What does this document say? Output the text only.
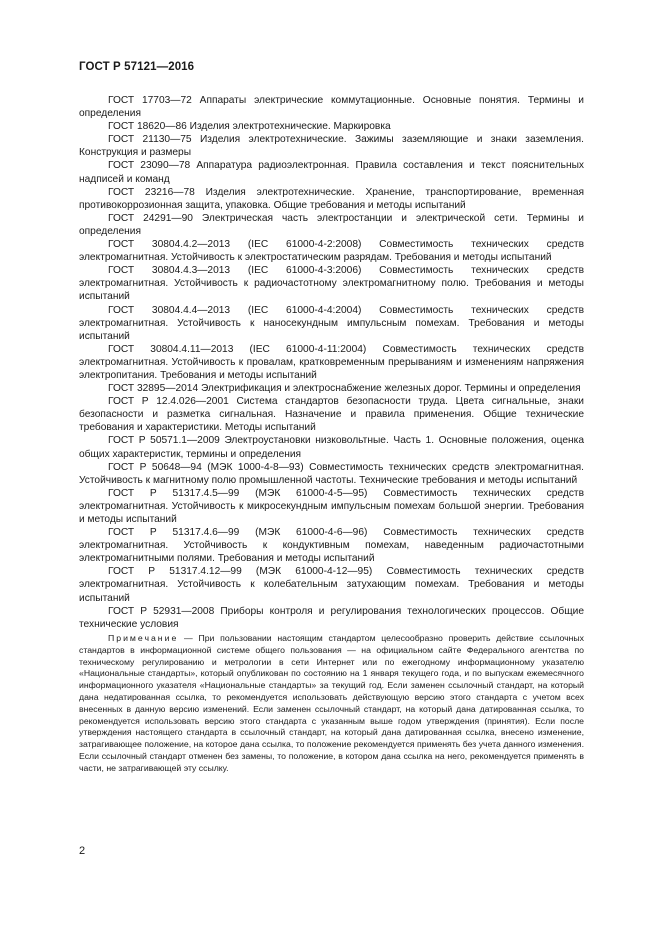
ГОСТ Р 57121—2016

ГОСТ 17703—72 Аппараты электрические коммутационные. Основные понятия. Термины и определения

ГОСТ 18620—86 Изделия электротехнические. Маркировка

ГОСТ 21130—75 Изделия электротехнические. Зажимы заземляющие и знаки заземления. Конструкция и размеры

ГОСТ 23090—78 Аппаратура радиоэлектронная. Правила составления и текст пояснительных надписей и команд

ГОСТ 23216—78 Изделия электротехнические. Хранение, транспортирование, временная противокоррозионная защита, упаковка. Общие требования и методы испытаний

ГОСТ 24291—90 Электрическая часть электростанции и электрической сети. Термины и определения

ГОСТ 30804.4.2—2013 (IEC 61000-4-2:2008) Совместимость технических средств электромагнитная. Устойчивость к электростатическим разрядам. Требования и методы испытаний

ГОСТ 30804.4.3—2013 (IEC 61000-4-3:2006) Совместимость технических средств электромагнитная. Устойчивость к радиочастотному электромагнитному полю. Требования и методы испытаний

ГОСТ 30804.4.4—2013 (IEC 61000-4-4:2004) Совместимость технических средств электромагнитная. Устойчивость к наносекундным импульсным помехам. Требования и методы испытаний

ГОСТ 30804.4.11—2013 (IEC 61000-4-11:2004) Совместимость технических средств электромагнитная. Устойчивость к провалам, кратковременным прерываниям и изменениям напряжения электропитания. Требования и методы испытаний

ГОСТ 32895—2014 Электрификация и электроснабжение железных дорог. Термины и определения

ГОСТ Р 12.4.026—2001 Система стандартов безопасности труда. Цвета сигнальные, знаки безопасности и разметка сигнальная. Назначение и правила применения. Общие технические требования и характеристики. Методы испытаний

ГОСТ Р 50571.1—2009 Электроустановки низковольтные. Часть 1. Основные положения, оценка общих характеристик, термины и определения

ГОСТ Р 50648—94 (МЭК 1000-4-8—93) Совместимость технических средств электромагнитная. Устойчивость к магнитному полю промышленной частоты. Технические требования и методы испытаний

ГОСТ Р 51317.4.5—99 (МЭК 61000-4-5—95) Совместимость технических средств электромагнитная. Устойчивость к микросекундным импульсным помехам большой энергии. Требования и методы испытаний

ГОСТ Р 51317.4.6—99 (МЭК 61000-4-6—96) Совместимость технических средств электромагнитная. Устойчивость к кондуктивным помехам, наведенным радиочастотными электромагнитными полями. Требования и методы испытаний

ГОСТ Р 51317.4.12—99 (МЭК 61000-4-12—95) Совместимость технических средств электромагнитная. Устойчивость к колебательным затухающим помехам. Требования и методы испытаний

ГОСТ Р 52931—2008 Приборы контроля и регулирования технологических процессов. Общие технические условия

Примечание — При пользовании настоящим стандартом целесообразно проверить действие ссылочных стандартов в информационной системе общего пользования — на официальном сайте Федерального агентства по техническому регулированию и метрологии в сети Интернет или по ежегодному информационному указателю «Национальные стандарты», который опубликован по состоянию на 1 января текущего года, и по выпускам ежемесячного информационного указателя «Национальные стандарты» за текущий год. Если заменен ссылочный стандарт, на который дана недатированная ссылка, то рекомендуется использовать действующую версию этого стандарта с учетом всех внесенных в данную версию изменений. Если заменен ссылочный стандарт, на который дана датированная ссылка, то рекомендуется использовать версию этого стандарта с указанным выше годом утверждения (принятия). Если после утверждения настоящего стандарта в ссылочный стандарт, на который дана датированная ссылка, внесено изменение, затрагивающее положение, на которое дана ссылка, то положение рекомендуется применять без учета данного изменения. Если ссылочный стандарт отменен без замены, то положение, в котором дана ссылка на него, рекомендуется применять в части, не затрагивающей эту ссылку.

2
